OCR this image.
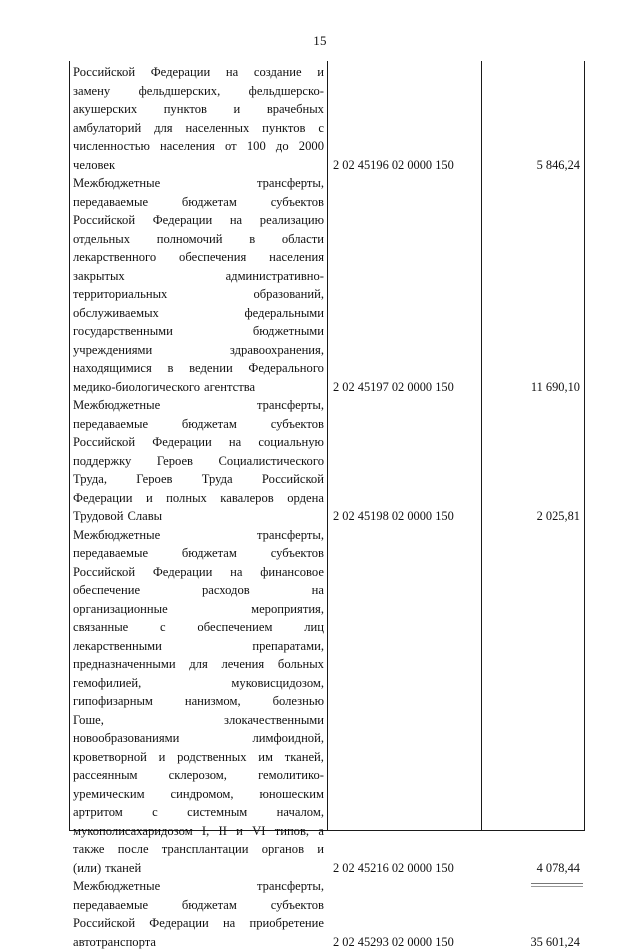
15
Российской Федерации на создание и
замену фельдшерских, фельдшерско-
акушерских пунктов и врачебных
амбулаторий для населенных пунктов с
численностью населения от 100 до 2000
человек	2 02 45196 02 0000 150	5 846,24
Межбюджетные	трансферты,
передаваемые	бюджетам	субъектов
Российской Федерации на реализацию
отдельных полномочий в области
лекарственного обеспечения населения
закрытых	административно-
территориальных	образований,
обслуживаемых	федеральными
государственными	бюджетными
учреждениями	здравоохранения,
находящимися в ведении Федерального
медико-биологического агентства	2 02 45197 02 0000 150	11 690,10
Межбюджетные	трансферты,
передаваемые	бюджетам	субъектов
Российской Федерации на социальную
поддержку Героев Социалистического
Труда, Героев Труда Российской
Федерации и полных кавалеров ордена
Трудовой Славы	2 02 45198 02 0000 150	2 025,81
Межбюджетные	трансферты,
передаваемые	бюджетам	субъектов
Российской Федерации на финансовое
обеспечение	расходов	на
организационные	мероприятия,
связанные	с	обеспечением	лиц
лекарственными	препаратами,
предназначенными для лечения больных
гемофилией,	муковисцидозом,
гипофизарным	нанизмом,	болезнью
Гоше,	злокачественными
новообразованиями	лимфоидной,
кроветворной и родственных им тканей,
рассеянным склерозом, гемолитико-
уремическим синдромом, юношеским
артритом с системным началом,
мукополисахаридозом I, II и VI типов, а
также после трансплантации органов и
(или) тканей	2 02 45216 02 0000 150	4 078,44
Межбюджетные	трансферты,
передаваемые	бюджетам	субъектов
Российской Федерации на приобретение
автотранспорта	2 02 45293 02 0000 150	35 601,24
